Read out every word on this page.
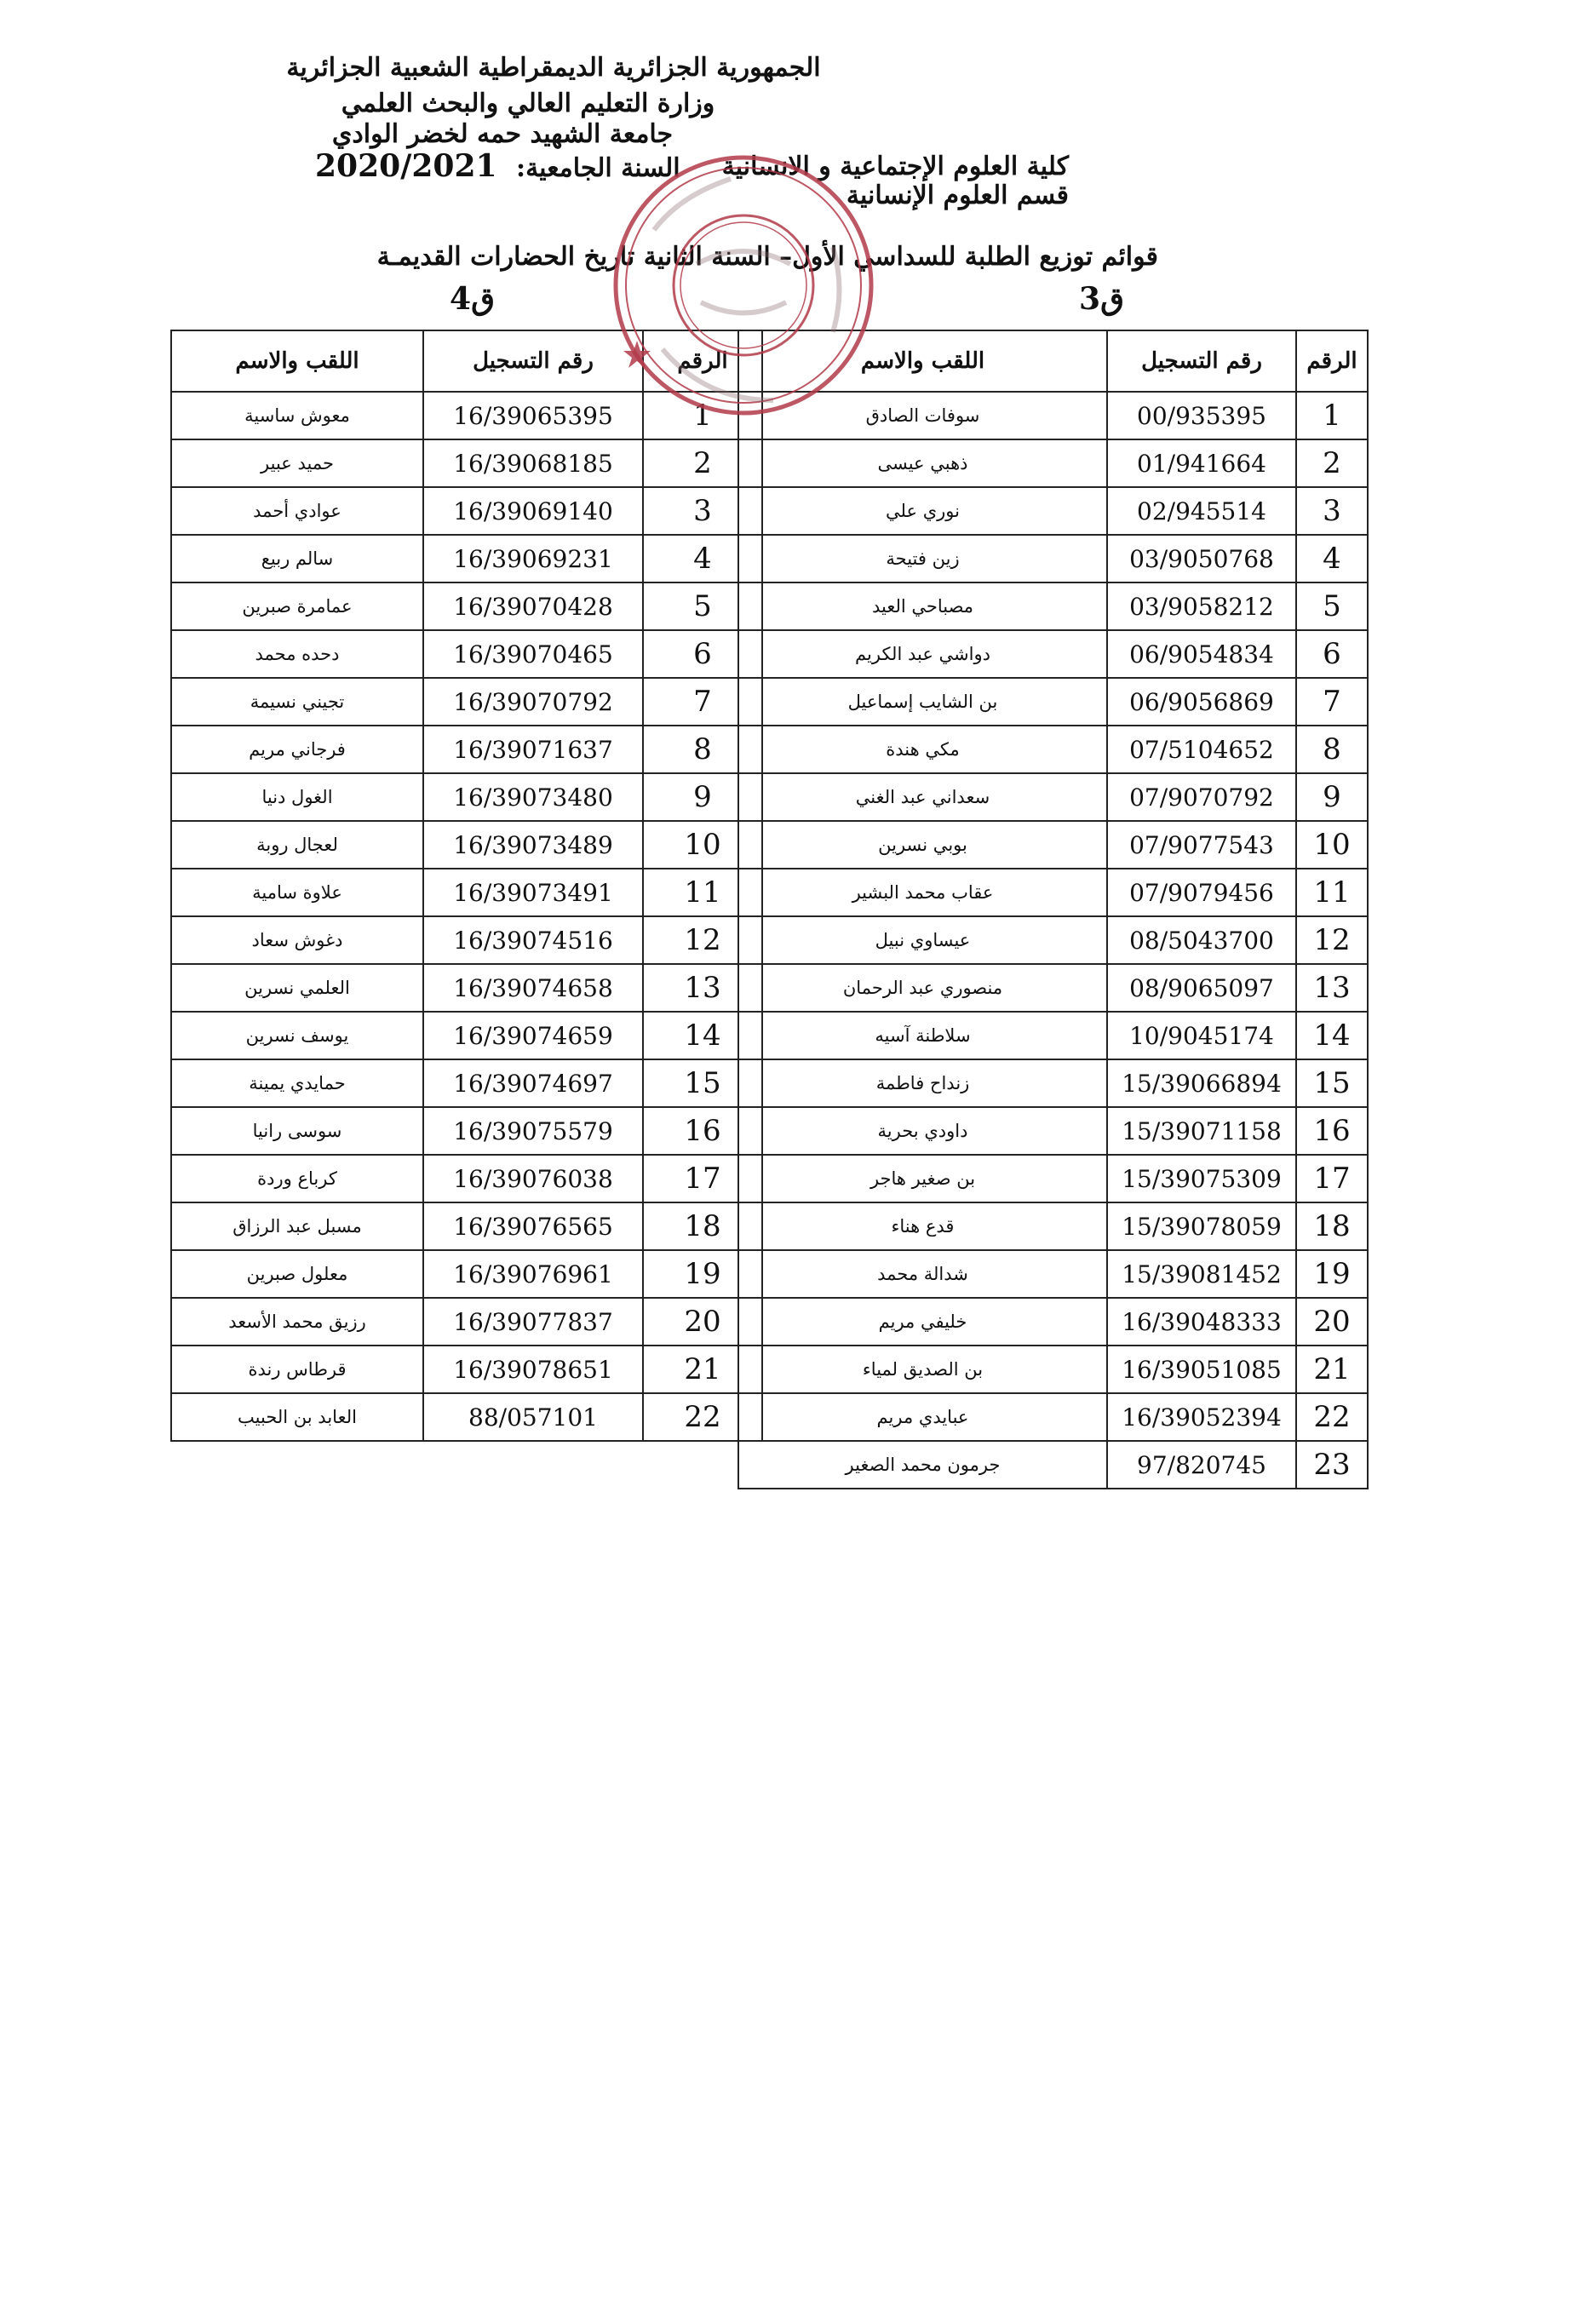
الجمهورية الجزائرية الديمقراطية الشعبية الجزائرية
وزارة التعليم العالي والبحث العلمي
جامعة الشهيد حمه لخضر الوادي
كلية العلوم الإجتماعية و الانسانية
قسم العلوم الإنسانية
السنة الجامعية: 2020/2021
قوائم توزيع الطلبة للسداسي الأول– السنة الثانية تاريخ الحضارات القديمـة
ق3
ق4
الرقم	رقم التسجيل	اللقب والاسم
1	00/935395	سوفات الصادق
2	01/941664	ذهبي عيسى
3	02/945514	نوري علي
4	03/9050768	زين فتيحة
5	03/9058212	مصباحي العيد
6	06/9054834	دواشي عبد الكريم
7	06/9056869	بن الشايب إسماعيل
8	07/5104652	مكي هندة
9	07/9070792	سعداني عبد الغني
10	07/9077543	بوبي نسرين
11	07/9079456	عقاب محمد البشير
12	08/5043700	عيساوي نبيل
13	08/9065097	منصوري عبد الرحمان
14	10/9045174	سلاطنة آسيه
15	15/39066894	زنداح فاطمة
16	15/39071158	داودي بحرية
17	15/39075309	بن صغير هاجر
18	15/39078059	قدع هناء
19	15/39081452	شدالة محمد
20	16/39048333	خليفي مريم
21	16/39051085	بن الصديق لمياء
22	16/39052394	عبايدي مريم
23	97/820745	جرمون محمد الصغير
الرقم	رقم التسجيل	اللقب والاسم
1	16/39065395	معوش ساسية
2	16/39068185	حميد عبير
3	16/39069140	عوادي أحمد
4	16/39069231	سالم ربيع
5	16/39070428	عمامرة صبرين
6	16/39070465	دحده محمد
7	16/39070792	تجيني نسيمة
8	16/39071637	فرجاني مريم
9	16/39073480	الغول دنيا
10	16/39073489	لعجال روبة
11	16/39073491	علاوة سامية
12	16/39074516	دغوش سعاد
13	16/39074658	العلمي نسرين
14	16/39074659	يوسف نسرين
15	16/39074697	حمايدي يمينة
16	16/39075579	سوسى رانيا
17	16/39076038	كرباع وردة
18	16/39076565	مسبل عبد الرزاق
19	16/39076961	معلول صبرين
20	16/39077837	رزيق محمد الأسعد
21	16/39078651	قرطاس رندة
22	88/057101	العابد بن الحبيب
